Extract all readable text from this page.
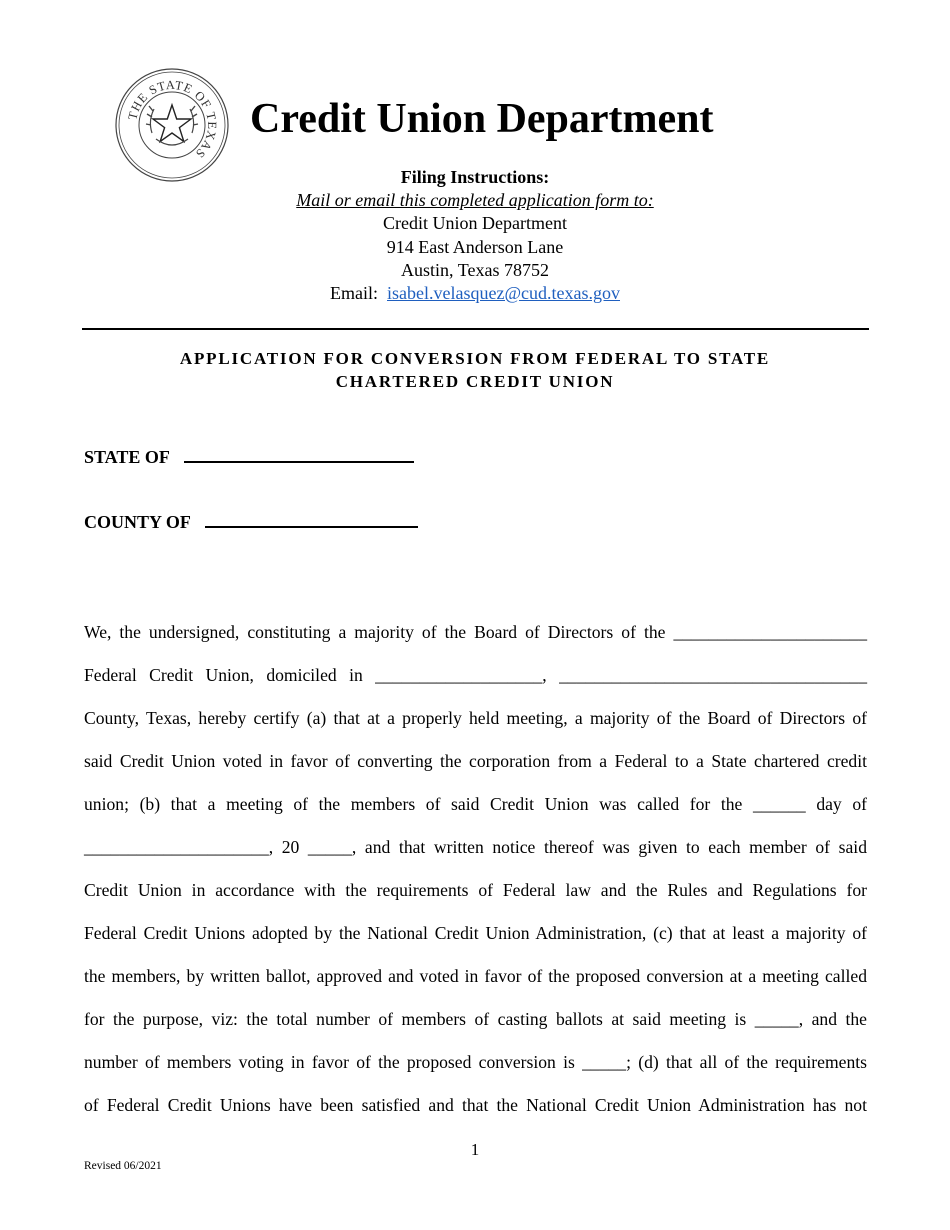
THE STATE OF TEXAS
Credit Union Department
Filing Instructions:
Mail or email this completed application form to:
Credit Union Department
914 East Anderson Lane
Austin, Texas 78752
Email: isabel.velasquez@cud.texas.gov
APPLICATION FOR CONVERSION FROM FEDERAL TO STATE
CHARTERED CREDIT UNION
STATE OF
COUNTY OF
We, the undersigned, constituting a majority of the Board of Directors of the ______________________
Federal Credit Union, domiciled in ___________________, ___________________________________
County, Texas, hereby certify (a) that at a properly held meeting, a majority of the Board of Directors of
said Credit Union voted in favor of converting the corporation from a Federal to a State chartered credit
union; (b) that a meeting of the members of said Credit Union was called for the ______ day of
_____________________, 20 _____, and that written notice thereof was given to each member of said
Credit Union in accordance with the requirements of Federal law and the Rules and Regulations for
Federal Credit Unions adopted by the National Credit Union Administration, (c) that at least a majority of
the members, by written ballot, approved and voted in favor of the proposed conversion at a meeting called
for the purpose, viz: the total number of members of casting ballots at said meeting is _____, and the
number of members voting in favor of the proposed conversion is _____; (d) that all of the requirements
of Federal Credit Unions have been satisfied and that the National Credit Union Administration has not
1
Revised 06/2021
